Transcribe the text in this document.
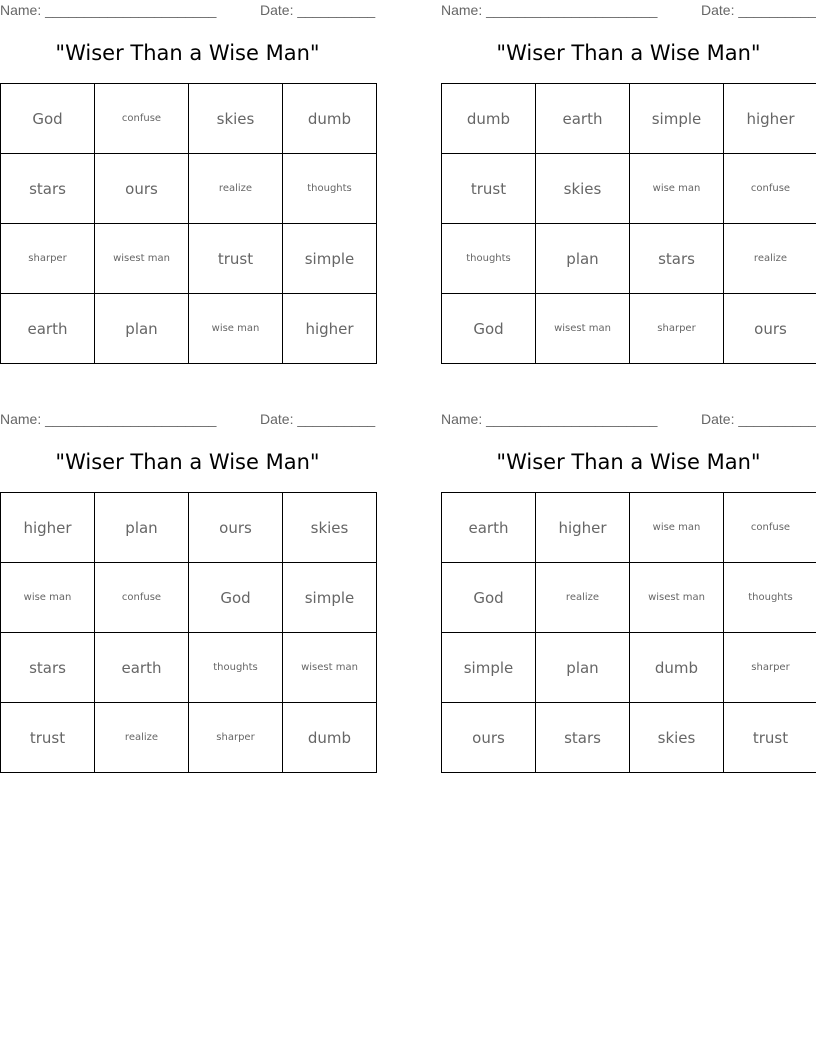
Name: ______________________	Date: __________
"Wiser Than a Wise Man"
God	confuse	skies	dumb
stars	ours	realize	thoughts
sharper	wisest man	trust	simple
earth	plan	wise man	higher
Name: ______________________	Date: __________
"Wiser Than a Wise Man"
dumb	earth	simple	higher
trust	skies	wise man	confuse
thoughts	plan	stars	realize
God	wisest man	sharper	ours
Name: ______________________	Date: __________
"Wiser Than a Wise Man"
higher	plan	ours	skies
wise man	confuse	God	simple
stars	earth	thoughts	wisest man
trust	realize	sharper	dumb
Name: ______________________	Date: __________
"Wiser Than a Wise Man"
earth	higher	wise man	confuse
God	realize	wisest man	thoughts
simple	plan	dumb	sharper
ours	stars	skies	trust
